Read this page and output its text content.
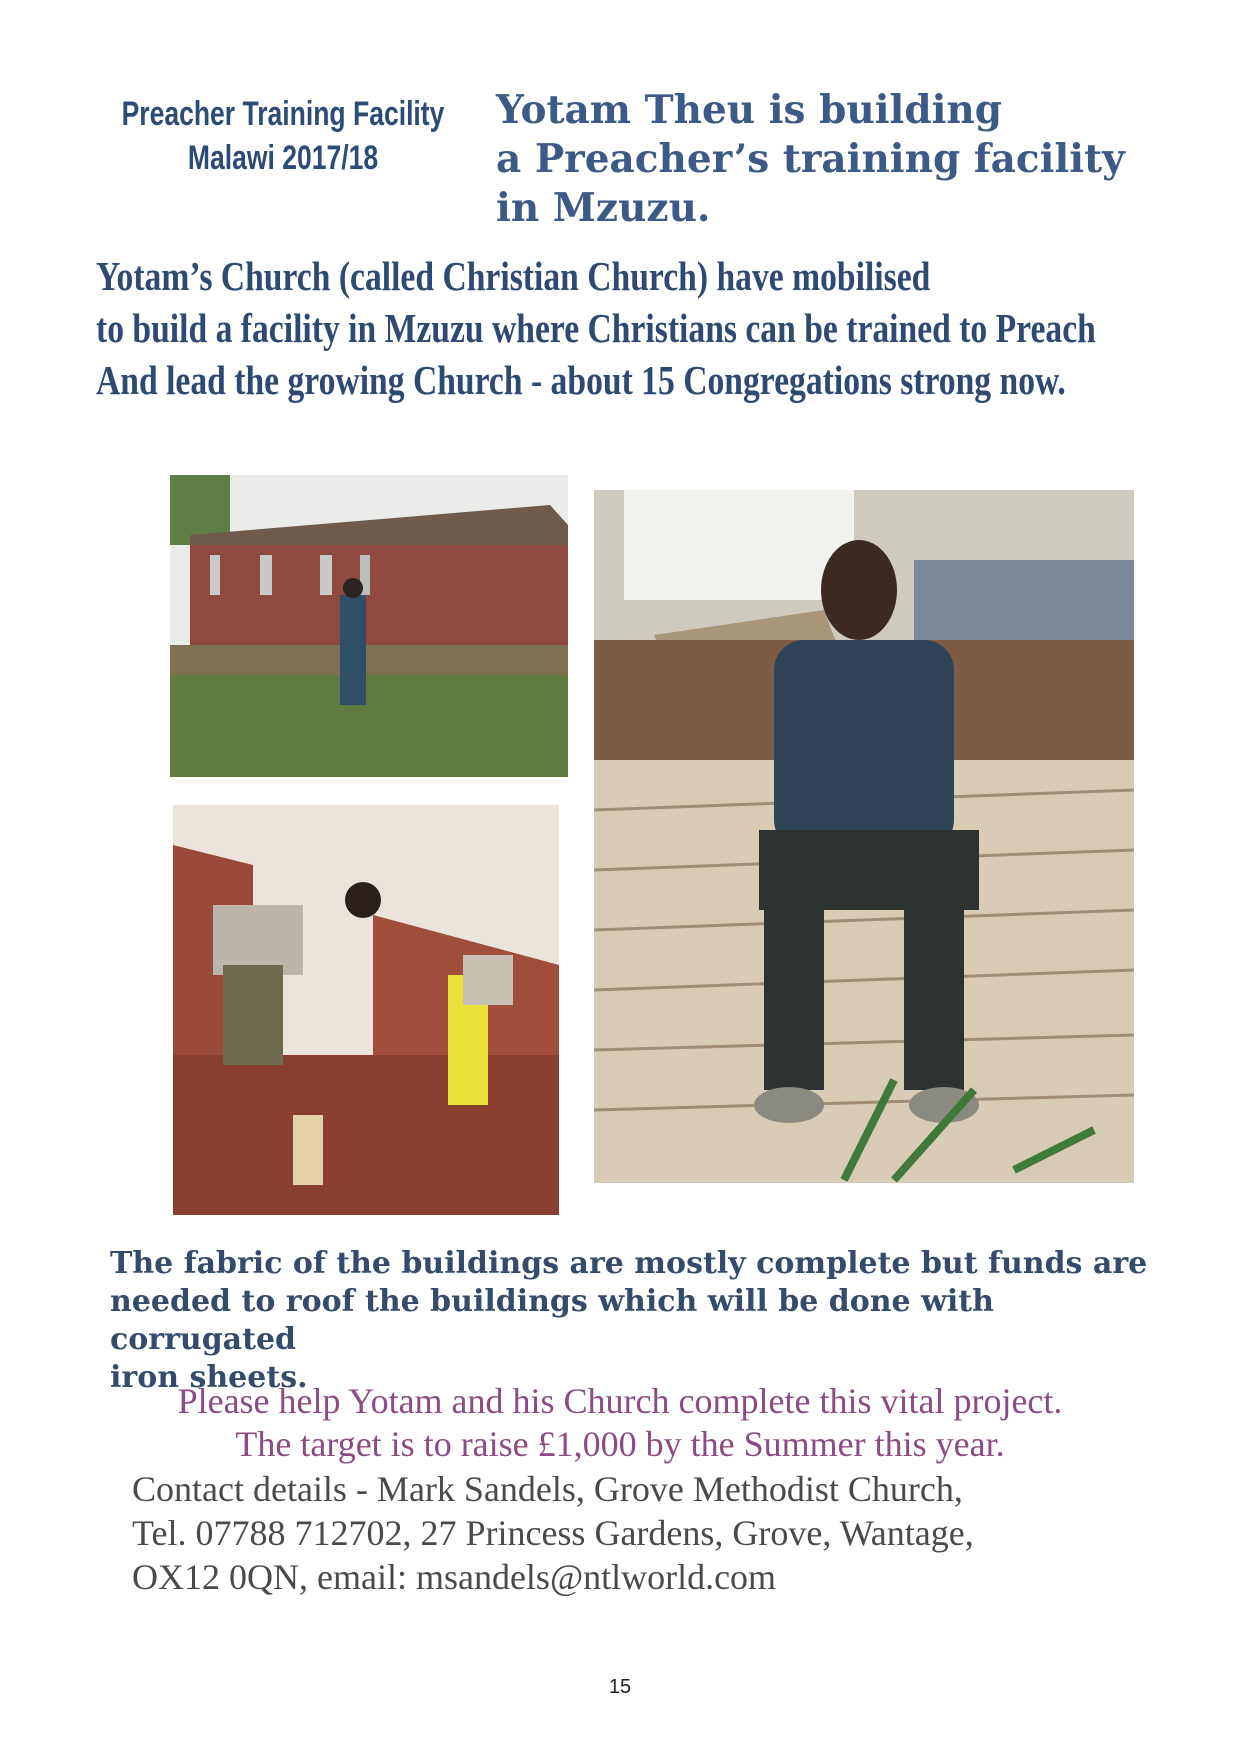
Preacher Training Facility
Malawi 2017/18
Yotam Theu is building
a Preacher’s training facility
in Mzuzu.
Yotam’s Church (called Christian Church) have mobilised
to build a facility in Mzuzu where Christians can be trained to Preach
And lead the growing Church - about 15 Congregations strong now.
The fabric of the buildings are mostly complete but funds are
needed to roof the buildings which will be done with corrugated
iron sheets.
Please help Yotam and his Church complete this vital project.
The target is to raise £1,000 by the Summer this year.
Contact details - Mark Sandels, Grove Methodist Church,
Tel. 07788 712702, 27 Princess Gardens, Grove, Wantage,
OX12 0QN, email: msandels@ntlworld.com
15
